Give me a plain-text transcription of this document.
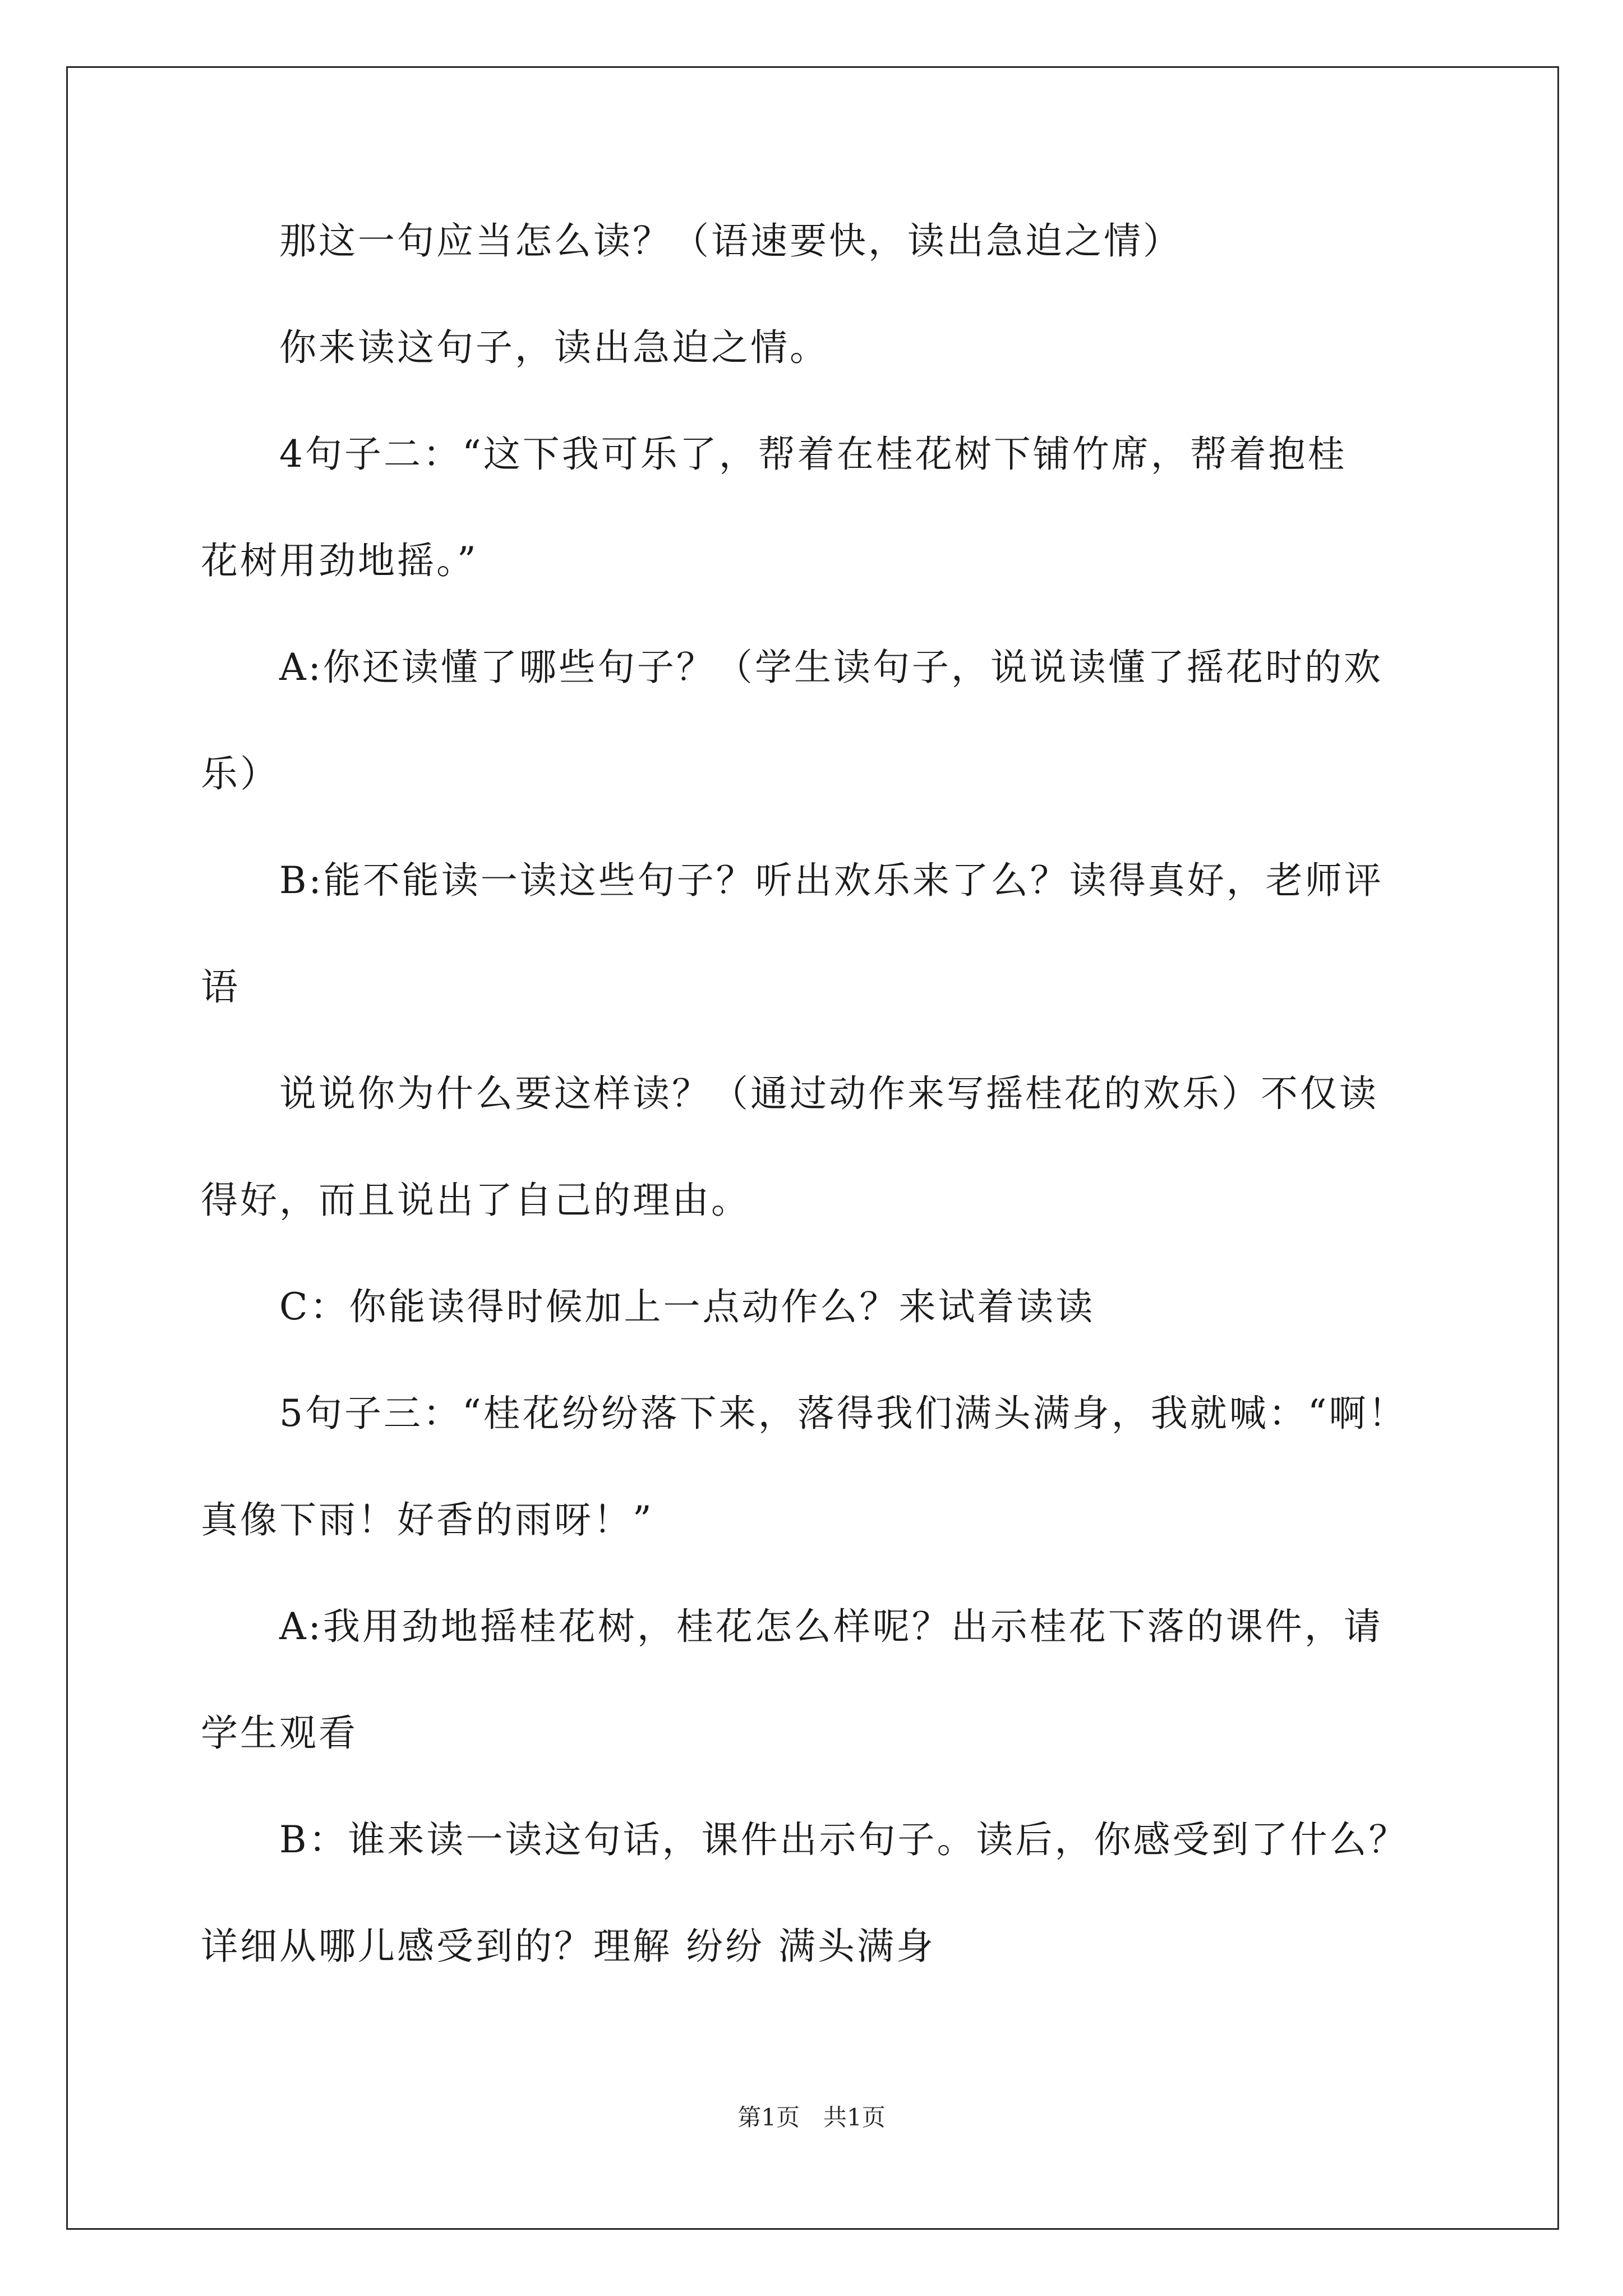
那这一句应当怎么读？（语速要快，读出急迫之情）
你来读这句子，读出急迫之情。
4句子二：“这下我可乐了，帮着在桂花树下铺竹席，帮着抱桂
花树用劲地摇。”
A:你还读懂了哪些句子？（学生读句子，说说读懂了摇花时的欢
乐）
B:能不能读一读这些句子？听出欢乐来了么？读得真好，老师评
语
说说你为什么要这样读？（通过动作来写摇桂花的欢乐）不仅读
得好，而且说出了自己的理由。
C：你能读得时候加上一点动作么？来试着读读
5句子三：“桂花纷纷落下来，落得我们满头满身，我就喊：“啊！
真像下雨！好香的雨呀！”
A:我用劲地摇桂花树，桂花怎么样呢？出示桂花下落的课件，请
学生观看
B：谁来读一读这句话，课件出示句子。读后，你感受到了什么？
详细从哪儿感受到的？理解 纷纷 满头满身
第1页　共1页
